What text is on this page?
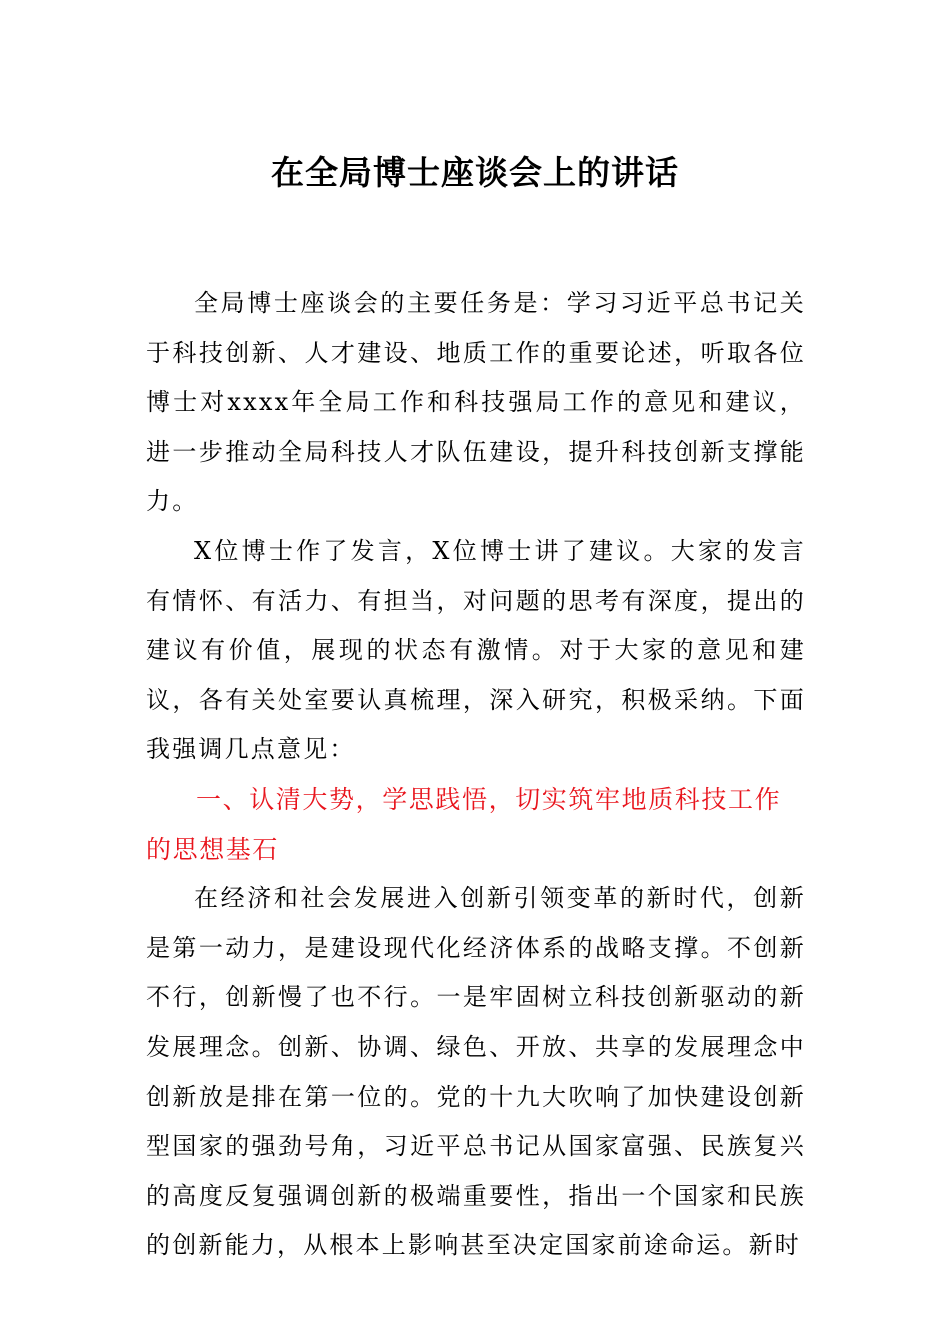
在全局博士座谈会上的讲话

全局博士座谈会的主要任务是：学习习近平总书记关于科技创新、人才建设、地质工作的重要论述，听取各位博士对xxxx年全局工作和科技强局工作的意见和建议，进一步推动全局科技人才队伍建设，提升科技创新支撑能力。

X位博士作了发言，X位博士讲了建议。大家的发言有情怀、有活力、有担当，对问题的思考有深度，提出的建议有价值，展现的状态有激情。对于大家的意见和建议，各有关处室要认真梳理，深入研究，积极采纳。下面我强调几点意见：

一、认清大势，学思践悟，切实筑牢地质科技工作的思想基石

在经济和社会发展进入创新引领变革的新时代，创新是第一动力，是建设现代化经济体系的战略支撑。不创新不行，创新慢了也不行。一是牢固树立科技创新驱动的新发展理念。创新、协调、绿色、开放、共享的发展理念中创新放是排在第一位的。党的十九大吹响了加快建设创新型国家的强劲号角，习近平总书记从国家富强、民族复兴的高度反复强调创新的极端重要性，指出一个国家和民族的创新能力，从根本上影响甚至决定国家前途命运。新时
